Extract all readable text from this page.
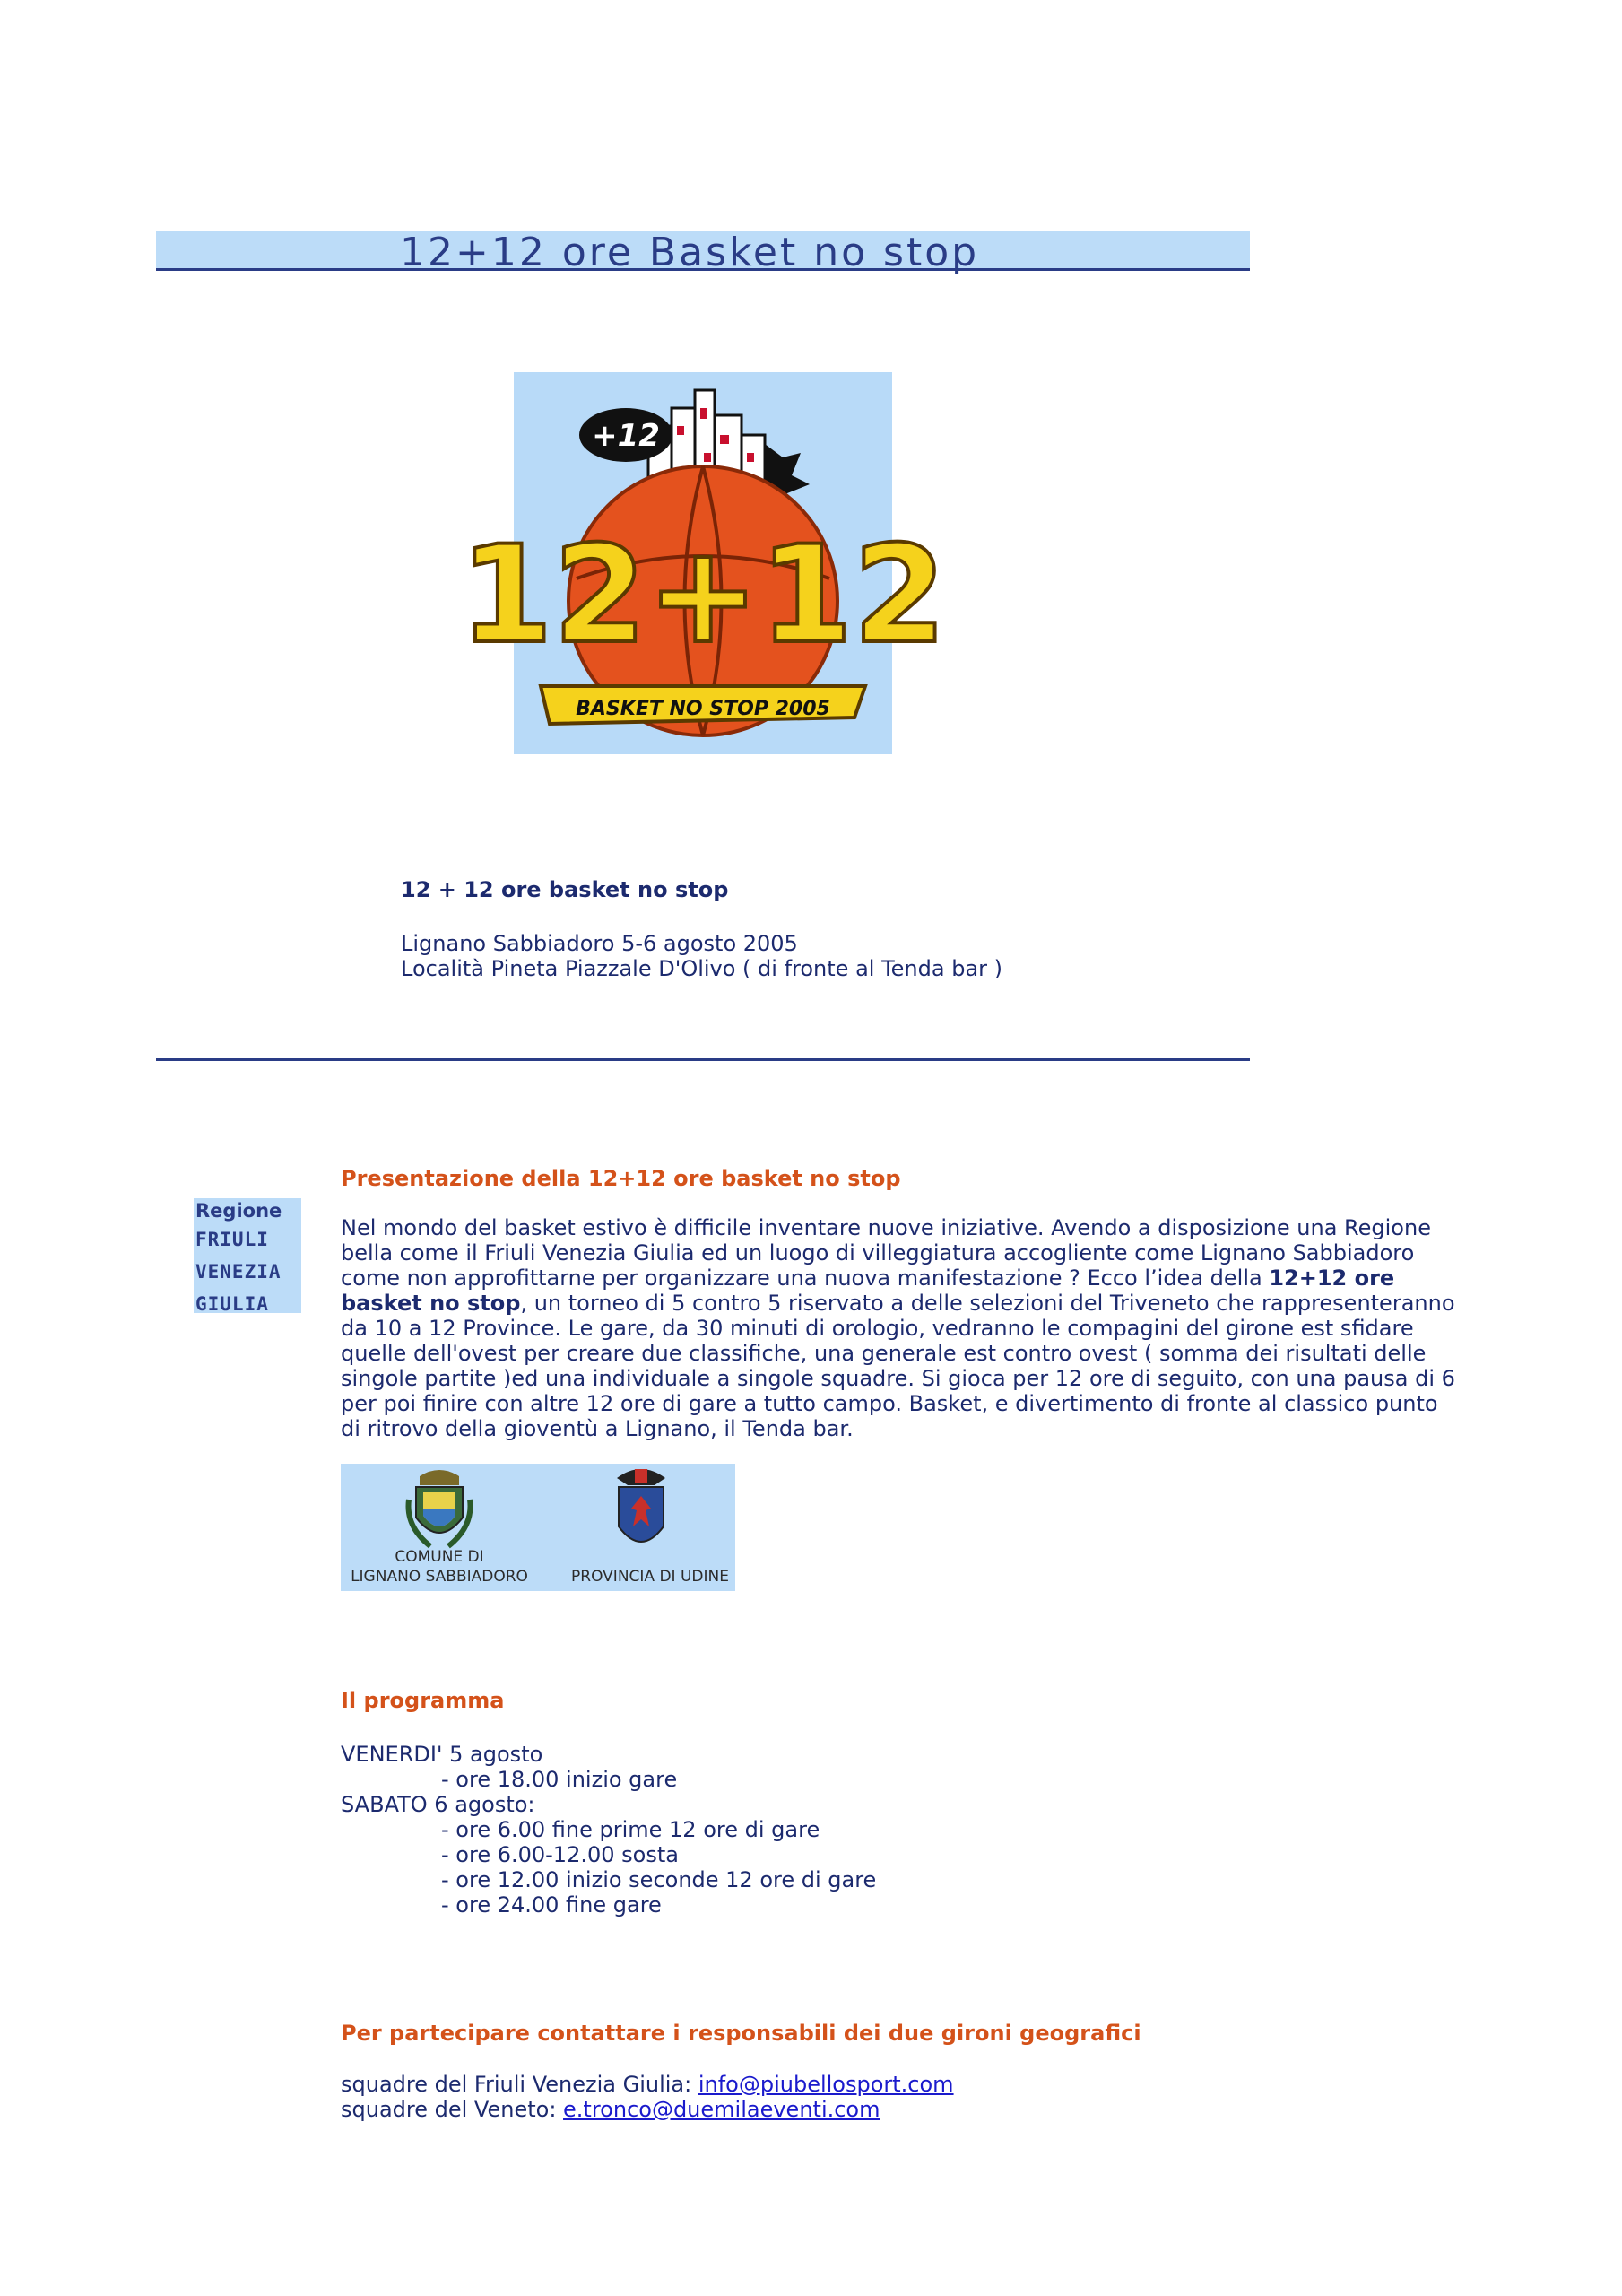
12+12 ore Basket no stop
+12
12+12
BASKET NO STOP 2005
12 + 12 ore basket no stop
Lignano Sabbiadoro 5-6 agosto 2005
Località Pineta Piazzale D'Olivo ( di fronte al Tenda bar )
Presentazione della 12+12 ore basket no stop
Regione
FRIULI
VENEZIA
GIULIA
Nel mondo del basket estivo è difficile inventare nuove iniziative. Avendo a disposizione una Regione bella come il Friuli Venezia Giulia ed un luogo di villeggiatura accogliente come Lignano Sabbiadoro come non approfittarne per organizzare una nuova manifestazione ? Ecco l’idea della 12+12 ore basket no stop, un torneo di 5 contro 5 riservato a delle selezioni del Triveneto che rappresenteranno da 10 a 12 Province. Le gare, da 30 minuti di orologio, vedranno le compagini del girone est sfidare quelle dell'ovest per creare due classifiche, una generale est contro ovest ( somma dei risultati delle singole partite )ed una individuale a singole squadre. Si gioca per 12 ore di seguito, con una pausa di 6 per poi finire con altre 12 ore di gare a tutto campo. Basket, e divertimento di fronte al classico punto di ritrovo della gioventù a Lignano, il Tenda bar.
COMUNE DI
LIGNANO SABBIADORO	PROVINCIA DI UDINE
Il programma
VENERDI' 5 agosto
- ore 18.00 inizio gare
SABATO 6 agosto:
- ore 6.00 fine prime 12 ore di gare
- ore 6.00-12.00 sosta
- ore 12.00 inizio seconde 12 ore di gare
- ore 24.00 fine gare
Per partecipare contattare i responsabili dei due gironi geografici
squadre del Friuli Venezia Giulia: info@piubellosport.com
squadre del Veneto: e.tronco@duemilaeventi.com
